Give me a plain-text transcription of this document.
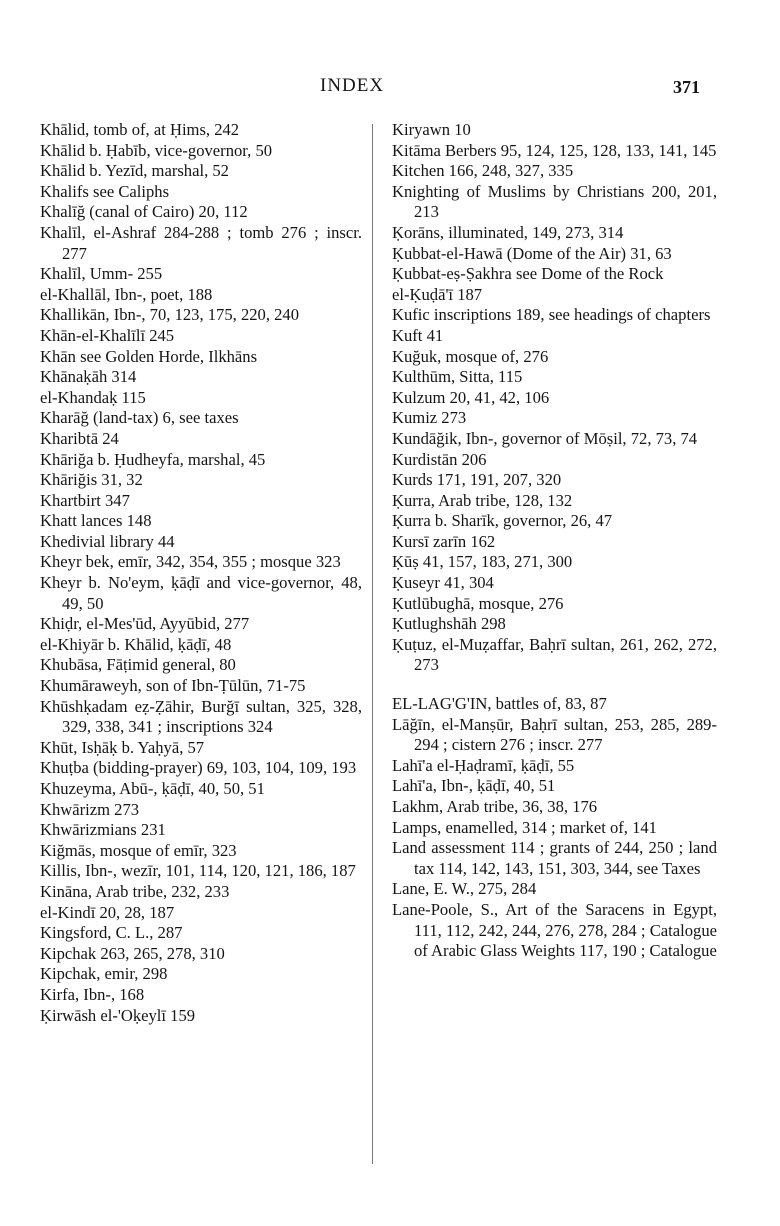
INDEX	371
Khālid, tomb of, at Ḥims, 242
Khālid b. Ḥabīb, vice-governor, 50
Khālid b. Yezīd, marshal, 52
Khalifs see Caliphs
Khalīğ (canal of Cairo) 20, 112
Khalīl, el-Ashraf 284-288 ; tomb 276 ; inscr. 277
Khalīl, Umm- 255
el-Khallāl, Ibn-, poet, 188
Khallikān, Ibn-, 70, 123, 175, 220, 240
Khān-el-Khalīlī 245
Khān see Golden Horde, Ilkhāns
Khānaḳāh 314
el-Khandaḳ 115
Kharāğ (land-tax) 6, see taxes
Kharibtā 24
Khāriğa b. Ḥudheyfa, marshal, 45
Khāriğis 31, 32
Khartbirt 347
Khatt lances 148
Khedivial library 44
Kheyr bek, emīr, 342, 354, 355 ; mosque 323
Kheyr b. No'eym, ḳāḍī and vice-governor, 48, 49, 50
Khiḍr, el-Mes'ūd, Ayyūbid, 277
el-Khiyār b. Khālid, ḳāḍī, 48
Khubāsa, Fāṭimid general, 80
Khumāraweyh, son of Ibn-Ṭūlūn, 71-75
Khūshḳadam eẓ-Ẓāhir, Burğī sultan, 325, 328, 329, 338, 341 ; inscriptions 324
Khūt, Isḥāḳ b. Yaḥyā, 57
Khuṭba (bidding-prayer) 69, 103, 104, 109, 193
Khuzeyma, Abū-, ḳāḍī, 40, 50, 51
Khwārizm 273
Khwārizmians 231
Kiğmās, mosque of emīr, 323
Killis, Ibn-, wezīr, 101, 114, 120, 121, 186, 187
Kināna, Arab tribe, 232, 233
el-Kindī 20, 28, 187
Kingsford, C. L., 287
Kipchak 263, 265, 278, 310
Kipchak, emir, 298
Kirfa, Ibn-, 168
Ḳirwāsh el-'Oḳeylī 159
Kiryawn 10
Kitāma Berbers 95, 124, 125, 128, 133, 141, 145
Kitchen 166, 248, 327, 335
Knighting of Muslims by Christians 200, 201, 213
Ḳorāns, illuminated, 149, 273, 314
Ḳubbat-el-Hawā (Dome of the Air) 31, 63
Ḳubbat-eṣ-Ṣakhra see Dome of the Rock
el-Ḳuḍā'ī 187
Kufic inscriptions 189, see headings of chapters
Kuft 41
Kuğuk, mosque of, 276
Kulthūm, Sitta, 115
Kulzum 20, 41, 42, 106
Kumiz 273
Kundāğik, Ibn-, governor of Mōṣil, 72, 73, 74
Kurdistān 206
Kurds 171, 191, 207, 320
Ḳurra, Arab tribe, 128, 132
Ḳurra b. Sharīk, governor, 26, 47
Kursī zarīn 162
Ḳūṣ 41, 157, 183, 271, 300
Ḳuseyr 41, 304
Ḳutlūbughā, mosque, 276
Ḳutlughshāh 298
Ḳuṭuz, el-Muẓaffar, Baḥrī sultan, 261, 262, 272, 273
EL-LAG'G'IN, battles of, 83, 87
Lāğīn, el-Manṣūr, Baḥrī sultan, 253, 285, 289-294 ; cistern 276 ; inscr. 277
Lahī'a el-Ḥaḍramī, ḳāḍī, 55
Lahī'a, Ibn-, ḳāḍī, 40, 51
Lakhm, Arab tribe, 36, 38, 176
Lamps, enamelled, 314 ; market of, 141
Land assessment 114 ; grants of 244, 250 ; land tax 114, 142, 143, 151, 303, 344, see Taxes
Lane, E. W., 275, 284
Lane-Poole, S., Art of the Saracens in Egypt, 111, 112, 242, 244, 276, 278, 284 ; Catalogue of Arabic Glass Weights 117, 190 ; Catalogue
